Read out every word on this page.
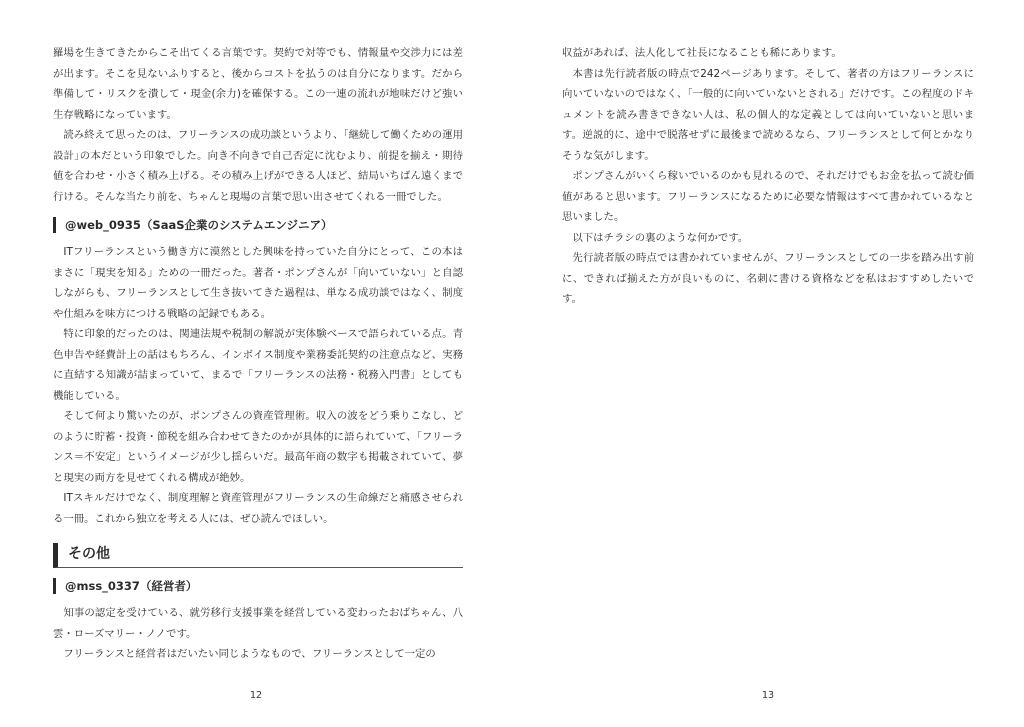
羅場を生きてきたからこそ出てくる言葉です。契約で対等でも、情報量や交渉力には差が出ます。そこを見ないふりすると、後からコストを払うのは自分になります。だから準備して・リスクを潰して・現金(余力)を確保する。この一連の流れが地味だけど強い生存戦略になっています。

読み終えて思ったのは、フリーランスの成功談というより、｢継続して働くための運用設計｣の本だという印象でした。向き不向きで自己否定に沈むより、前提を揃え・期待値を合わせ・小さく積み上げる。その積み上げができる人ほど、結局いちばん遠くまで行ける。そんな当たり前を、ちゃんと現場の言葉で思い出させてくれる一冊でした。

@web_0935（SaaS企業のシステムエンジニア）

ITフリーランスという働き方に漠然とした興味を持っていた自分にとって、この本はまさに「現実を知る」ための一冊だった。著者・ポンプさんが「向いていない」と自認しながらも、フリーランスとして生き抜いてきた過程は、単なる成功談ではなく、制度や仕組みを味方につける戦略の記録でもある。

特に印象的だったのは、関連法規や税制の解説が実体験ベースで語られている点。青色申告や経費計上の話はもちろん、インボイス制度や業務委託契約の注意点など、実務に直結する知識が詰まっていて、まるで「フリーランスの法務・税務入門書」としても機能している。

そして何より驚いたのが、ポンプさんの資産管理術。収入の波をどう乗りこなし、どのように貯蓄・投資・節税を組み合わせてきたのかが具体的に語られていて、「フリーランス＝不安定」というイメージが少し揺らいだ。最高年商の数字も掲載されていて、夢と現実の両方を見せてくれる構成が絶妙。

ITスキルだけでなく、制度理解と資産管理がフリーランスの生命線だと痛感させられる一冊。これから独立を考える人には、ぜひ読んでほしい。

その他
@mss_0337（経営者）

知事の認定を受けている、就労移行支援事業を経営している変わったおばちゃん、八雲・ローズマリー・ノノです。

フリーランスと経営者はだいたい同じようなもので、フリーランスとして一定の

12

収益があれば、法人化して社長になることも稀にあります。

本書は先行読者版の時点で242ページあります。そして、著者の方はフリーランスに向いていないのではなく、「一般的に向いていないとされる」だけです。この程度のドキュメントを読み書きできない人は、私の個人的な定義としては向いていないと思います。逆説的に、途中で脱落せずに最後まで読めるなら、フリーランスとして何とかなりそうな気がします。

ポンプさんがいくら稼いでいるのかも見れるので、それだけでもお金を払って読む価値があると思います。フリーランスになるために必要な情報はすべて書かれているなと思いました。

以下はチラシの裏のような何かです。

先行読者版の時点では書かれていませんが、フリーランスとしての一歩を踏み出す前に、できれば揃えた方が良いものに、名刺に書ける資格などを私はおすすめしたいです。

13
